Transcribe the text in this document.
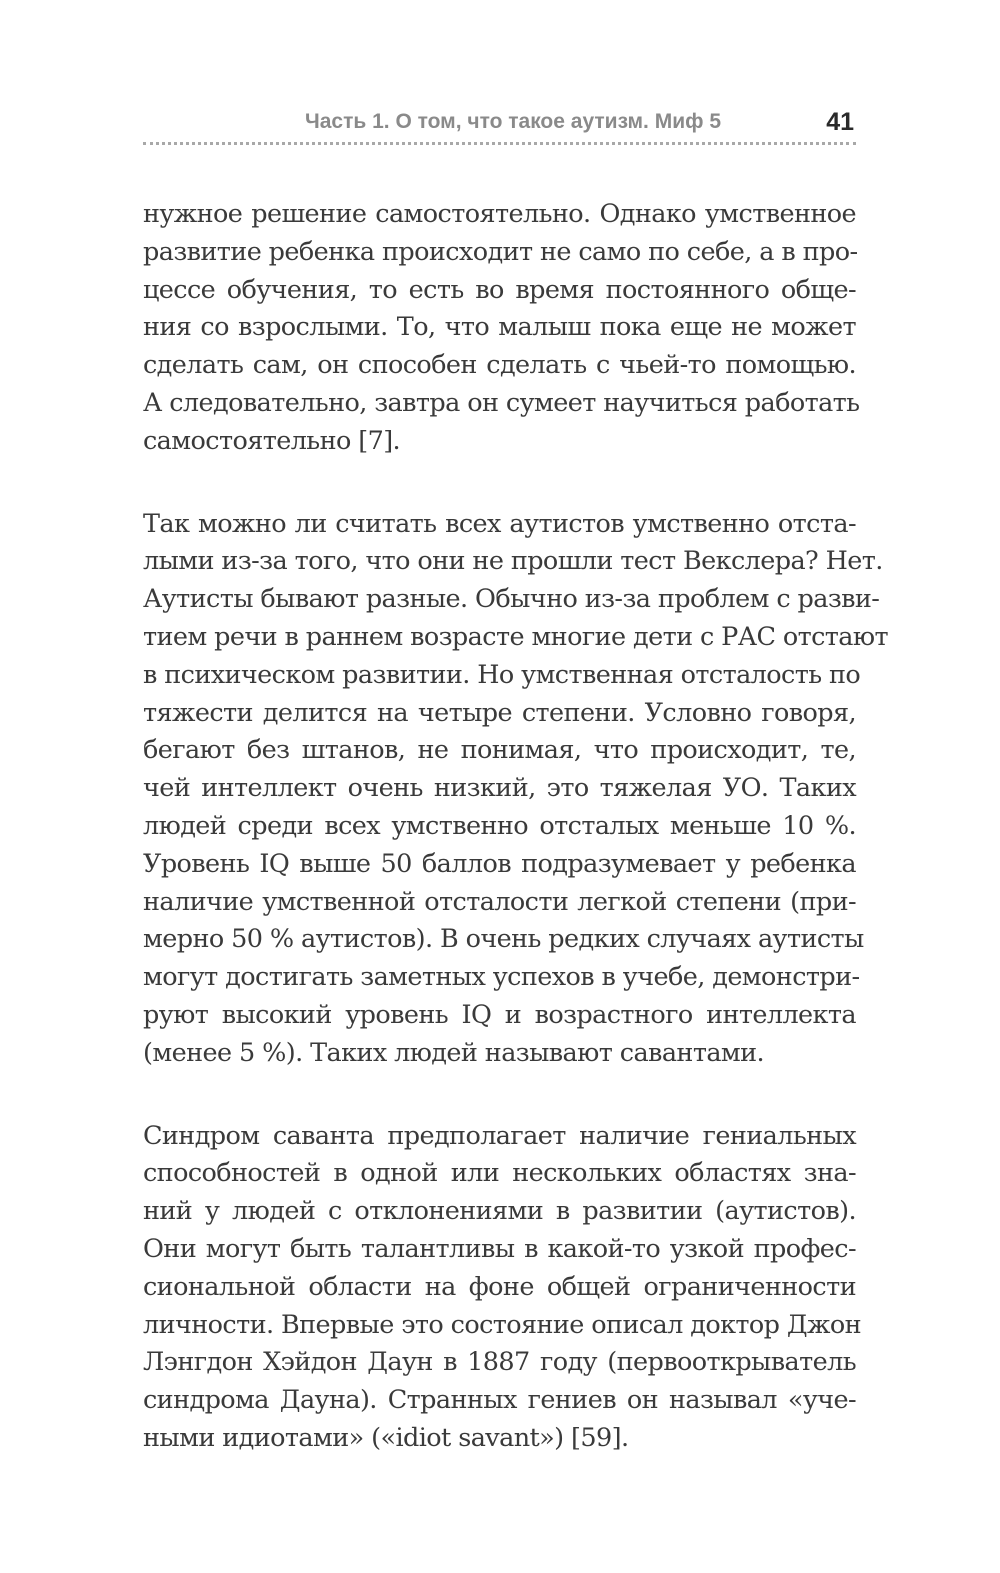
Часть 1. О том, что такое аутизм. Миф 5	41

нужное решение самостоятельно. Однако умственное
развитие ребенка происходит не само по себе, а в про-
цессе обучения, то есть во время постоянного обще-
ния со взрослыми. То, что малыш пока еще не может
сделать сам, он способен сделать с чьей-то помощью.
А следовательно, завтра он сумеет научиться работать
самостоятельно [7].

Так можно ли считать всех аутистов умственно отста-
лыми из-за того, что они не прошли тест Векслера? Нет.
Аутисты бывают разные. Обычно из-за проблем с разви-
тием речи в раннем возрасте многие дети с РАС отстают
в психическом развитии. Но умственная отсталость по
тяжести делится на четыре степени. Условно говоря,
бегают без штанов, не понимая, что происходит, те,
чей интеллект очень низкий, это тяжелая УО. Таких
людей среди всех умственно отсталых меньше 10 %.
Уровень IQ выше 50 баллов подразумевает у ребенка
наличие умственной отсталости легкой степени (при-
мерно 50 % аутистов). В очень редких случаях аутисты
могут достигать заметных успехов в учебе, демонстри-
руют высокий уровень IQ и возрастного интеллекта
(менее 5 %). Таких людей называют савантами.

Синдром саванта предполагает наличие гениальных
способностей в одной или нескольких областях зна-
ний у людей с отклонениями в развитии (аутистов).
Они могут быть талантливы в какой-то узкой профес-
сиональной области на фоне общей ограниченности
личности. Впервые это состояние описал доктор Джон
Лэнгдон Хэйдон Даун в 1887 году (первооткрыватель
синдрома Дауна). Странных гениев он называл «уче-
ными идиотами» («idiot savant») [59].
